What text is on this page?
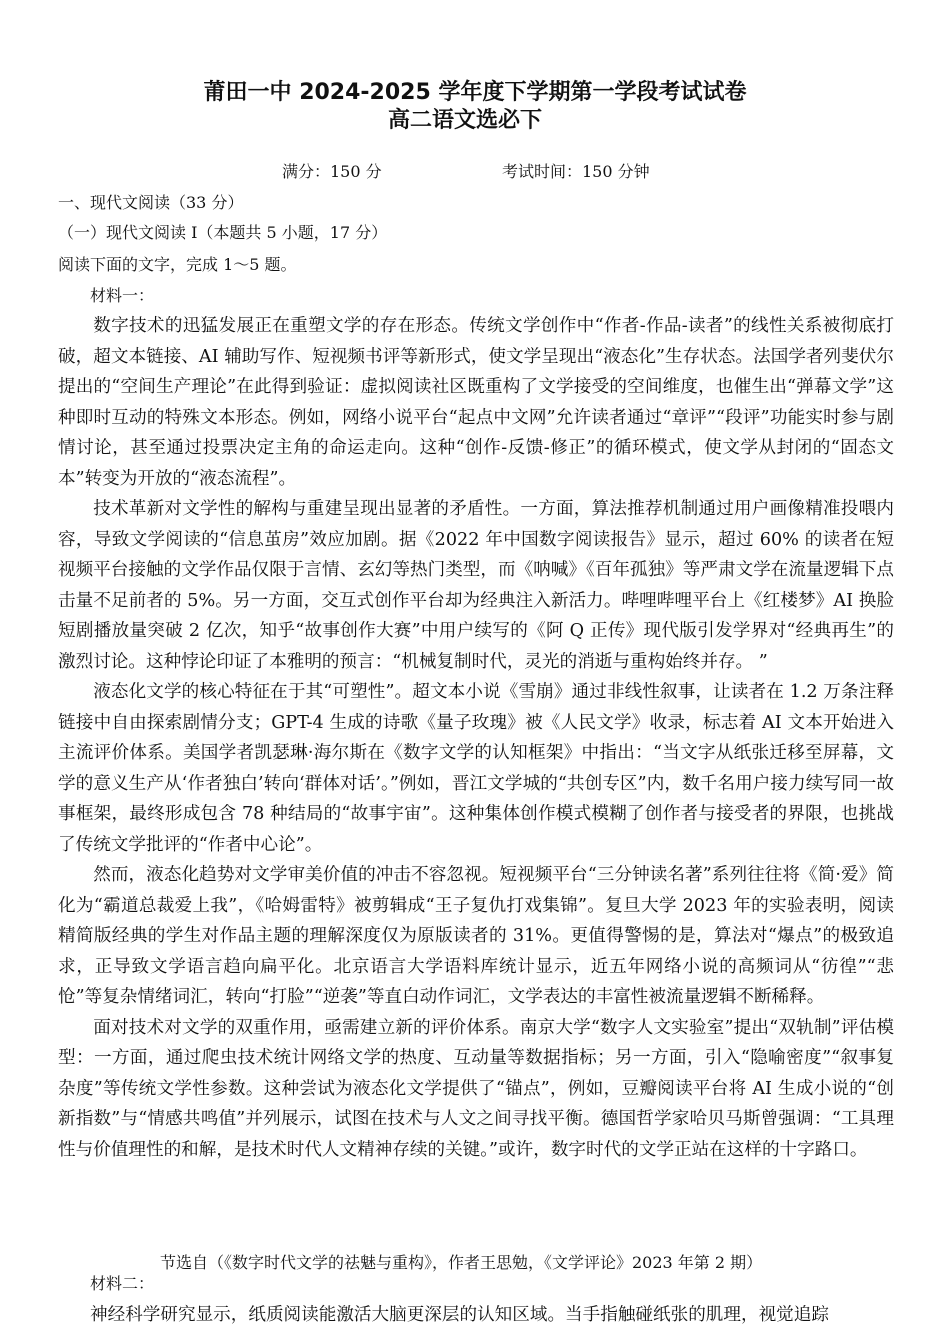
莆田一中 2024-2025 学年度下学期第一学段考试试卷
高二语文选必下
满分：150 分	考试时间：150 分钟
一、现代文阅读（33 分）
（一）现代文阅读 I（本题共 5 小题，17 分）
阅读下面的文字，完成 1～5 题。
材料一：

数字技术的迅猛发展正在重塑文学的存在形态。传统文学创作中“作者-作品-读者”的线性关系被彻底打破，超文本链接、AI 辅助写作、短视频书评等新形式，使文学呈现出“液态化”生存状态。法国学者列斐伏尔提出的“空间生产理论”在此得到验证：虚拟阅读社区既重构了文学接受的空间维度，也催生出“弹幕文学”这种即时互动的特殊文本形态。例如，网络小说平台“起点中文网”允许读者通过“章评”“段评”功能实时参与剧情讨论，甚至通过投票决定主角的命运走向。这种“创作-反馈-修正”的循环模式，使文学从封闭的“固态文本”转变为开放的“液态流程”。

技术革新对文学性的解构与重建呈现出显著的矛盾性。一方面，算法推荐机制通过用户画像精准投喂内容，导致文学阅读的“信息茧房”效应加剧。据《2022 年中国数字阅读报告》显示，超过 60% 的读者在短视频平台接触的文学作品仅限于言情、玄幻等热门类型，而《呐喊》《百年孤独》等严肃文学在流量逻辑下点击量不足前者的 5%。另一方面，交互式创作平台却为经典注入新活力。哔哩哔哩平台上《红楼梦》AI 换脸短剧播放量突破 2 亿次，知乎“故事创作大赛”中用户续写的《阿 Q 正传》现代版引发学界对“经典再生”的激烈讨论。这种悖论印证了本雅明的预言：“机械复制时代，灵光的消逝与重构始终并存。 ”

液态化文学的核心特征在于其“可塑性”。超文本小说《雪崩》通过非线性叙事，让读者在 1.2 万条注释链接中自由探索剧情分支；GPT-4 生成的诗歌《量子玫瑰》被《人民文学》收录，标志着 AI 文本开始进入主流评价体系。美国学者凯瑟琳·海尔斯在《数字文学的认知框架》中指出：“当文字从纸张迁移至屏幕，文学的意义生产从‘作者独白’转向‘群体对话’。”例如，晋江文学城的“共创专区”内，数千名用户接力续写同一故事框架，最终形成包含 78 种结局的“故事宇宙”。这种集体创作模式模糊了创作者与接受者的界限，也挑战了传统文学批评的“作者中心论”。

然而，液态化趋势对文学审美价值的冲击不容忽视。短视频平台“三分钟读名著”系列往往将《简·爱》简化为“霸道总裁爱上我”，《哈姆雷特》被剪辑成“王子复仇打戏集锦”。复旦大学 2023 年的实验表明，阅读精简版经典的学生对作品主题的理解深度仅为原版读者的 31%。更值得警惕的是，算法对“爆点”的极致追求，正导致文学语言趋向扁平化。北京语言大学语料库统计显示，近五年网络小说的高频词从“彷徨”“悲怆”等复杂情绪词汇，转向“打脸”“逆袭”等直白动作词汇，文学表达的丰富性被流量逻辑不断稀释。

面对技术对文学的双重作用，亟需建立新的评价体系。南京大学“数字人文实验室”提出“双轨制”评估模型：一方面，通过爬虫技术统计网络文学的热度、互动量等数据指标；另一方面，引入“隐喻密度”“叙事复杂度”等传统文学性参数。这种尝试为液态化文学提供了“锚点”，例如，豆瓣阅读平台将 AI 生成小说的“创新指数”与“情感共鸣值”并列展示，试图在技术与人文之间寻找平衡。德国哲学家哈贝马斯曾强调：“工具理性与价值理性的和解，是技术时代人文精神存续的关键。”或许，数字时代的文学正站在这样的十字路口。

节选自（《数字时代文学的祛魅与重构》，作者王思勉，《文学评论》2023 年第 2 期）
材料二：
神经科学研究显示，纸质阅读能激活大脑更深层的认知区域。当手指触碰纸张的肌理，视觉追踪
